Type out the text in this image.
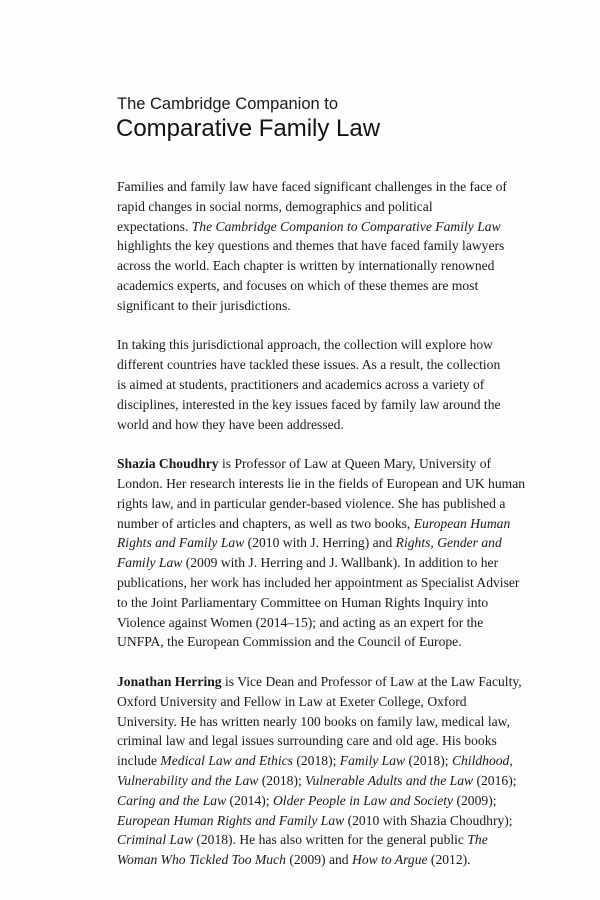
The Cambridge Companion to
Comparative Family Law
Families and family law have faced significant challenges in the face of
rapid changes in social norms, demographics and political
expectations. The Cambridge Companion to Comparative Family Law
highlights the key questions and themes that have faced family lawyers
across the world. Each chapter is written by internationally renowned
academics experts, and focuses on which of these themes are most
significant to their jurisdictions.
In taking this jurisdictional approach, the collection will explore how
different countries have tackled these issues. As a result, the collection
is aimed at students, practitioners and academics across a variety of
disciplines, interested in the key issues faced by family law around the
world and how they have been addressed.
Shazia Choudhry is Professor of Law at Queen Mary, University of
London. Her research interests lie in the fields of European and UK human
rights law, and in particular gender-based violence. She has published a
number of articles and chapters, as well as two books, European Human
Rights and Family Law (2010 with J. Herring) and Rights, Gender and
Family Law (2009 with J. Herring and J. Wallbank). In addition to her
publications, her work has included her appointment as Specialist Adviser
to the Joint Parliamentary Committee on Human Rights Inquiry into
Violence against Women (2014–15); and acting as an expert for the
UNFPA, the European Commission and the Council of Europe.
Jonathan Herring is Vice Dean and Professor of Law at the Law Faculty,
Oxford University and Fellow in Law at Exeter College, Oxford
University. He has written nearly 100 books on family law, medical law,
criminal law and legal issues surrounding care and old age. His books
include Medical Law and Ethics (2018); Family Law (2018); Childhood,
Vulnerability and the Law (2018); Vulnerable Adults and the Law (2016);
Caring and the Law (2014); Older People in Law and Society (2009);
European Human Rights and Family Law (2010 with Shazia Choudhry);
Criminal Law (2018). He has also written for the general public The
Woman Who Tickled Too Much (2009) and How to Argue (2012).
